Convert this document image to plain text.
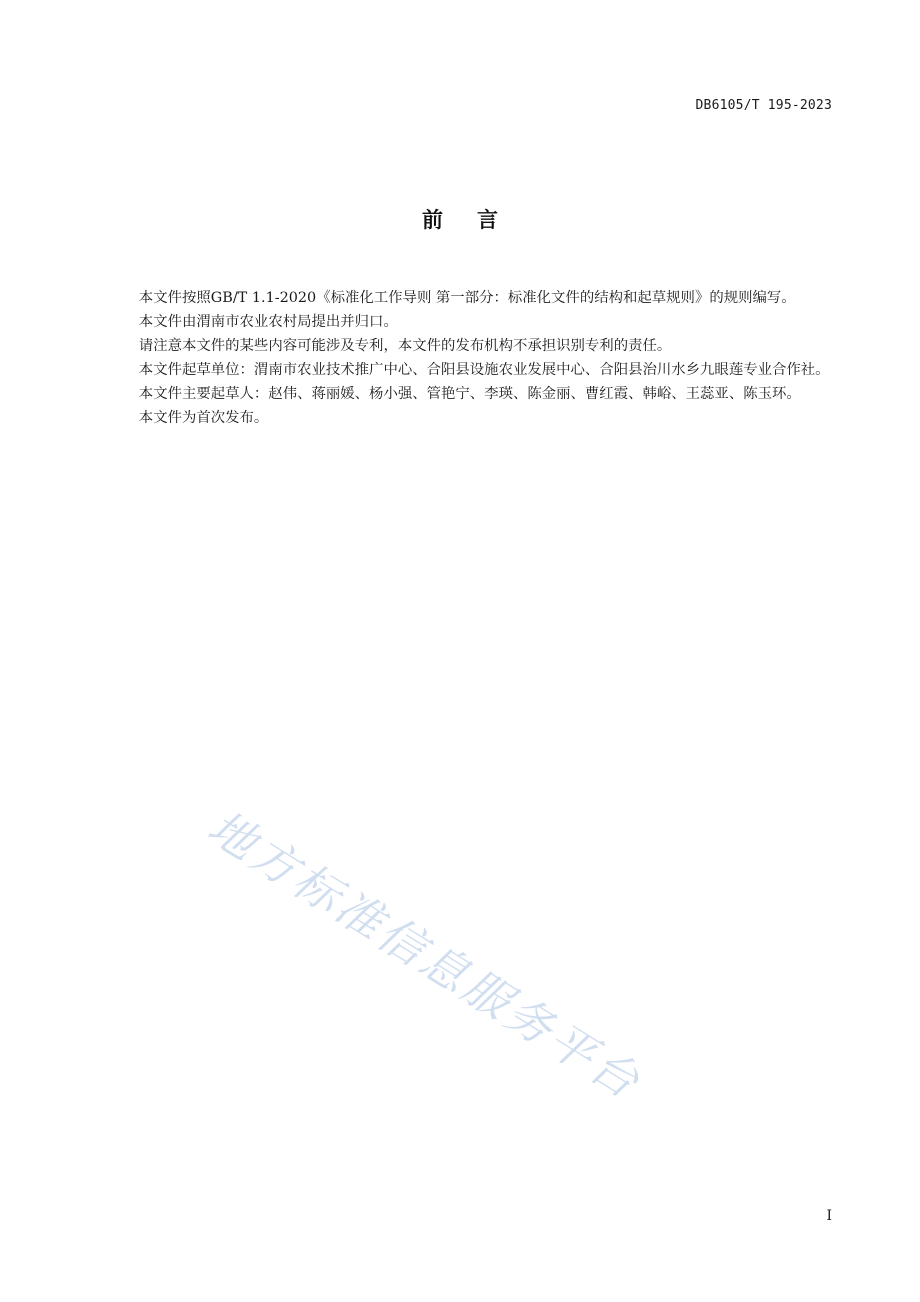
DB6105/T 195-2023
前 言

本文件按照GB/T 1.1-2020《标准化工作导则 第一部分：标准化文件的结构和起草规则》的规则编写。

本文件由渭南市农业农村局提出并归口。

请注意本文件的某些内容可能涉及专利，本文件的发布机构不承担识别专利的责任。

本文件起草单位：渭南市农业技术推广中心、合阳县设施农业发展中心、合阳县治川水乡九眼莲专业合作社。

本文件主要起草人：赵伟、蒋丽媛、杨小强、管艳宁、李瑛、陈金丽、曹红霞、韩峪、王蕊亚、陈玉环。

本文件为首次发布。

地方标准信息服务平台
I
